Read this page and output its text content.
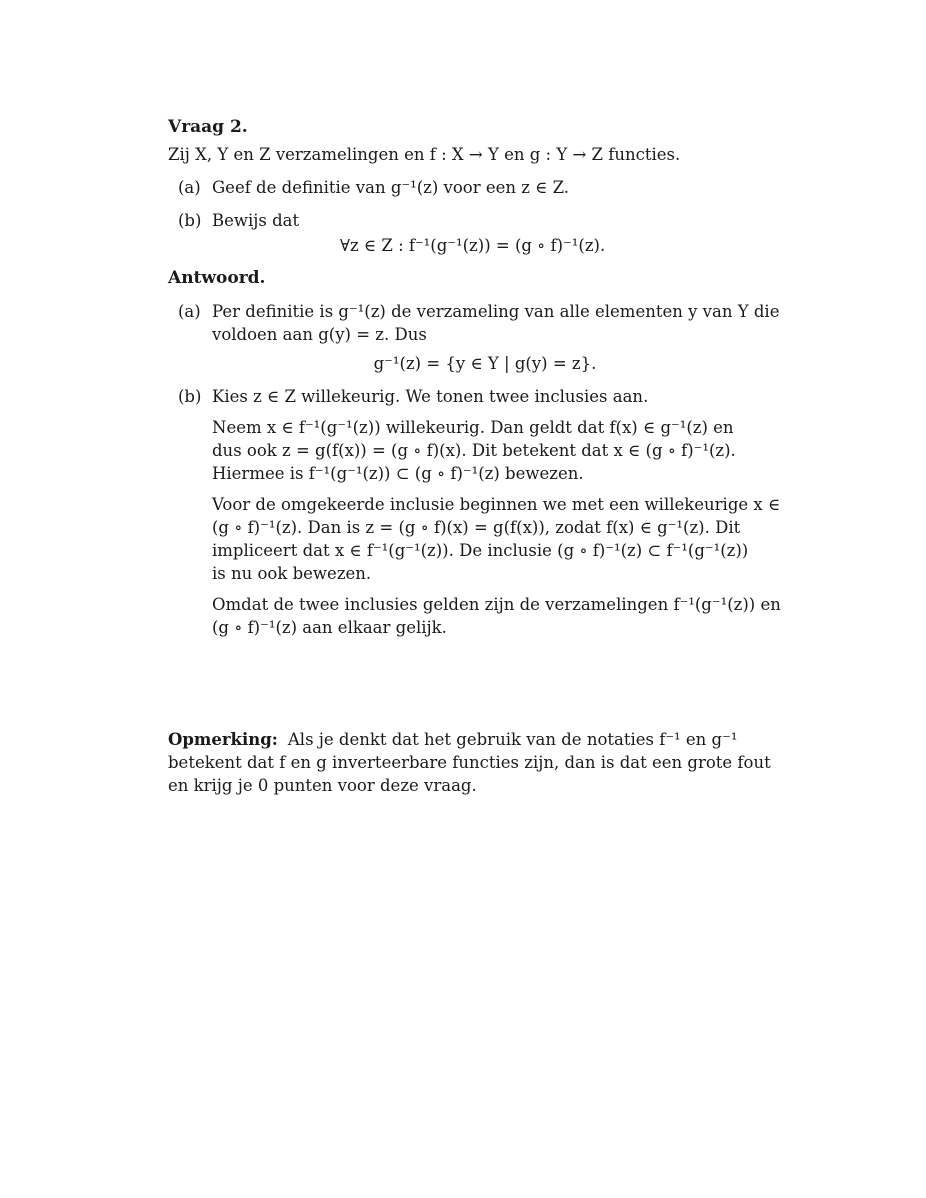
Vraag 2.
Zij X, Y en Z verzamelingen en f : X → Y en g : Y → Z functies.
(a) Geef de definitie van g⁻¹(z) voor een z ∈ Z.
(b) Bewijs dat
∀z ∈ Z : f⁻¹(g⁻¹(z)) = (g ∘ f)⁻¹(z).
Antwoord.
(a) Per definitie is g⁻¹(z) de verzameling van alle elementen y van Y die
voldoen aan g(y) = z. Dus
g⁻¹(z) = {y ∈ Y | g(y) = z}.
(b) Kies z ∈ Z willekeurig. We tonen twee inclusies aan.
Neem x ∈ f⁻¹(g⁻¹(z)) willekeurig. Dan geldt dat f(x) ∈ g⁻¹(z) en
dus ook z = g(f(x)) = (g ∘ f)(x). Dit betekent dat x ∈ (g ∘ f)⁻¹(z).
Hiermee is f⁻¹(g⁻¹(z)) ⊂ (g ∘ f)⁻¹(z) bewezen.
Voor de omgekeerde inclusie beginnen we met een willekeurige x ∈
(g ∘ f)⁻¹(z). Dan is z = (g ∘ f)(x) = g(f(x)), zodat f(x) ∈ g⁻¹(z). Dit
impliceert dat x ∈ f⁻¹(g⁻¹(z)). De inclusie (g ∘ f)⁻¹(z) ⊂ f⁻¹(g⁻¹(z))
is nu ook bewezen.
Omdat de twee inclusies gelden zijn de verzamelingen f⁻¹(g⁻¹(z)) en
(g ∘ f)⁻¹(z) aan elkaar gelijk.
Opmerking: Als je denkt dat het gebruik van de notaties f⁻¹ en g⁻¹
betekent dat f en g inverteerbare functies zijn, dan is dat een grote fout
en krijg je 0 punten voor deze vraag.
